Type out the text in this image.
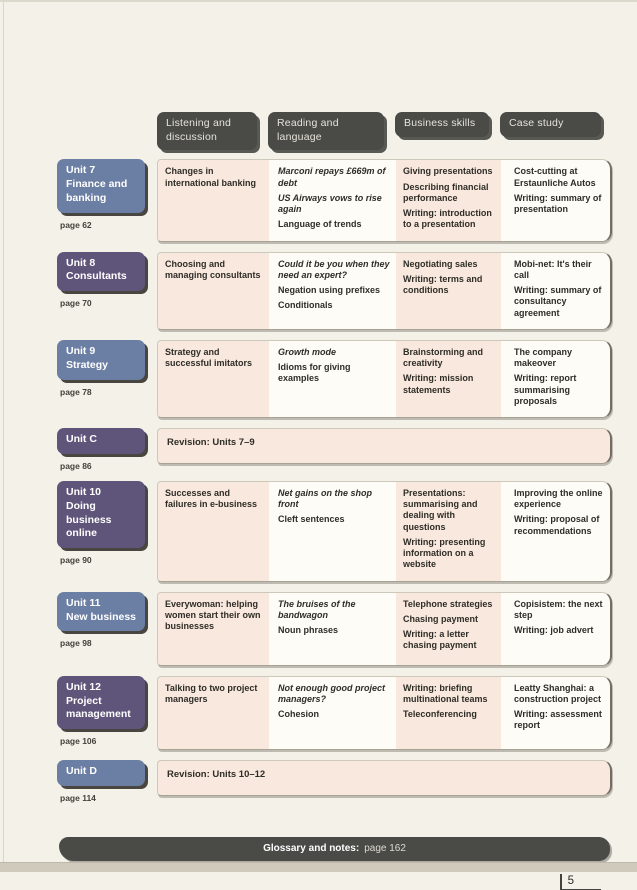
Listening and discussion
Reading and language
Business skills	Case study
Unit 7
Finance and banking
page 62
Changes in international banking
Marconi repays £669m of debt
US Airways vows to rise again
Language of trends
Giving presentations
Describing financial performance
Writing: introduction to a presentation
Cost-cutting at Erstaunliche Autos
Writing: summary of presentation
Unit 8
Consultants
page 70
Choosing and managing consultants
Could it be you when they need an expert?
Negation using prefixes
Conditionals
Negotiating sales
Writing: terms and conditions
Mobi-net: It's their call
Writing: summary of consultancy agreement
Unit 9
Strategy
page 78
Strategy and successful imitators
Growth mode
Idioms for giving examples
Brainstorming and creativity
Writing: mission statements
The company makeover
Writing: report summarising proposals
Unit C
page 86
Revision: Units 7–9
Unit 10
Doing business online
page 90
Successes and failures in e-business
Net gains on the shop front
Cleft sentences
Presentations: summarising and dealing with questions
Writing: presenting information on a website
Improving the online experience
Writing: proposal of recommendations
Unit 11
New business
page 98
Everywoman: helping women start their own businesses
The bruises of the bandwagon
Noun phrases
Telephone strategies
Chasing payment
Writing: a letter chasing payment
Copisistem: the next step
Writing: job advert
Unit 12
Project management
page 106
Talking to two project managers
Not enough good project managers?
Cohesion
Writing: briefing multinational teams
Teleconferencing
Leatty Shanghai: a construction project
Writing: assessment report
Unit D
page 114
Revision: Units 10–12
Glossary and notes: page 162
5
